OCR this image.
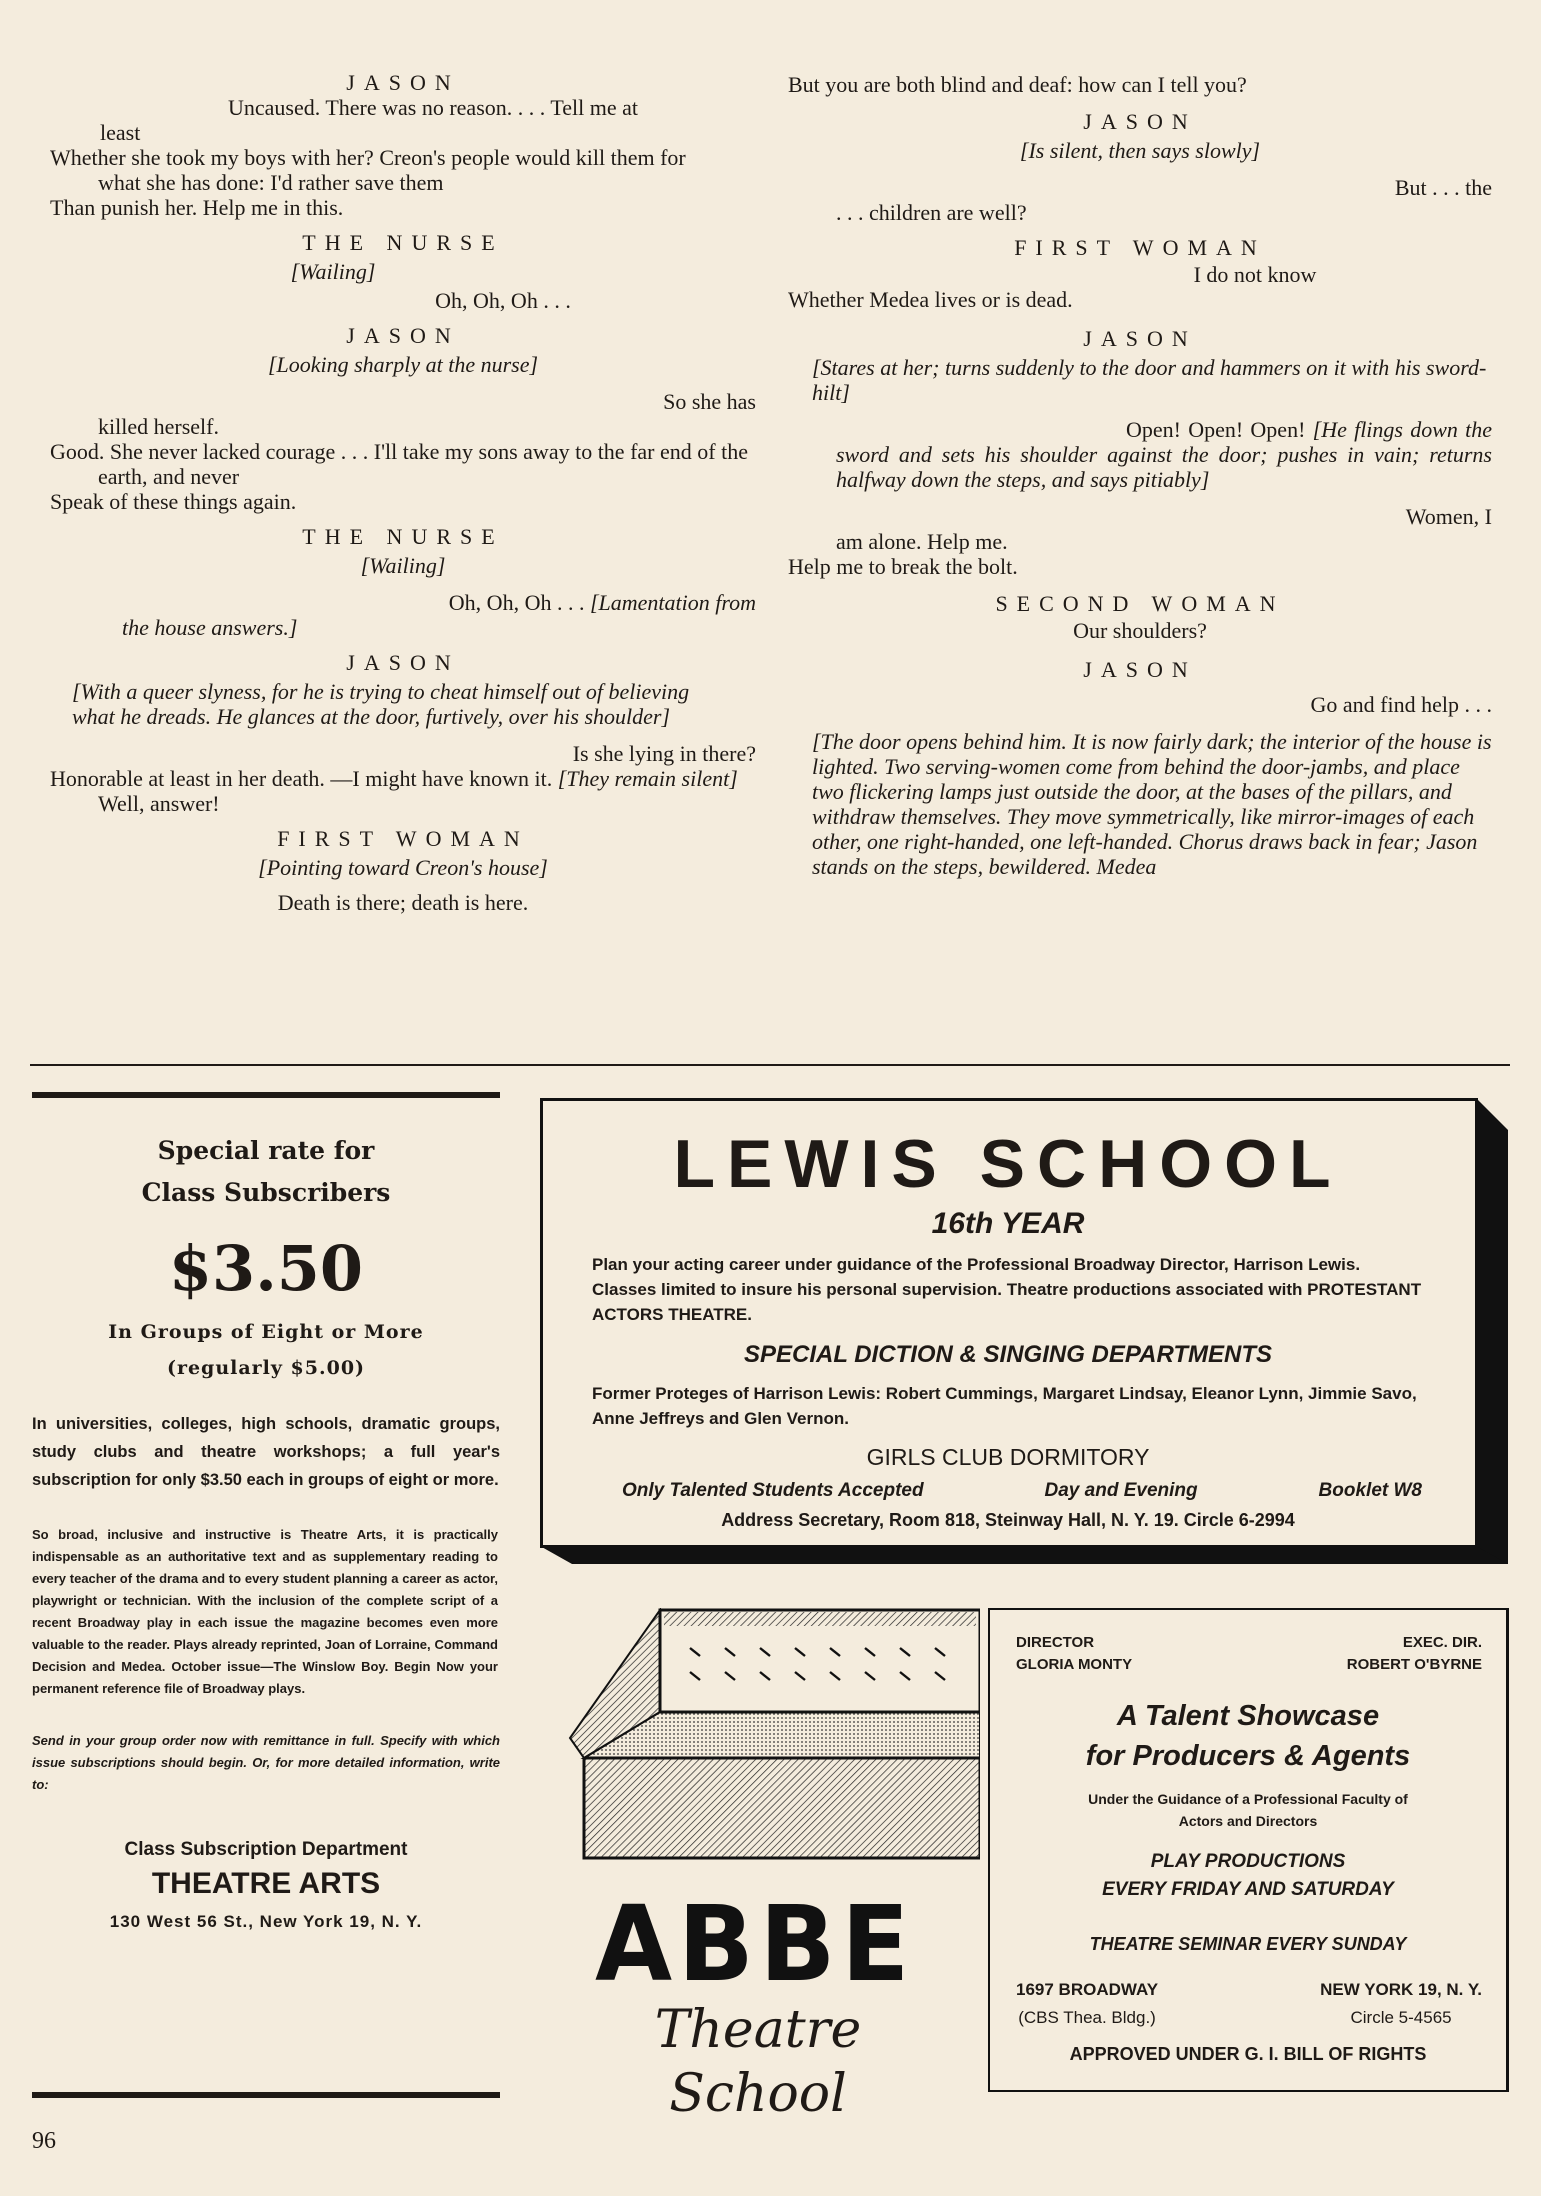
JASON

Uncaused. There was no reason. . . . Tell me at

least

Whether she took my boys with her? Creon's people would kill them for what she has done: I'd rather save them

Than punish her. Help me in this.

THE NURSE

[Wailing]

Oh, Oh, Oh . . .

JASON

[Looking sharply at the nurse]

So she has

killed herself.

Good. She never lacked courage . . . I'll take my sons away to the far end of the earth, and never

Speak of these things again.

THE NURSE

[Wailing]

Oh, Oh, Oh . . . [Lamentation from

the house answers.]

JASON

[With a queer slyness, for he is trying to cheat himself out of believing what he dreads. He glances at the door, furtively, over his shoulder]

Is she lying in there?

Honorable at least in her death. —I might have known it. [They remain silent] Well, answer!

FIRST WOMAN

[Pointing toward Creon's house]

Death is there; death is here.

But you are both blind and deaf: how can I tell you?

JASON

[Is silent, then says slowly]

But . . . the

. . . children are well?

FIRST WOMAN

I do not know

Whether Medea lives or is dead.

JASON

[Stares at her; turns suddenly to the door and hammers on it with his sword-hilt]

Open! Open! Open! [He flings down the sword and sets his shoulder against the door; pushes in vain; returns halfway down the steps, and says pitiably]

Women, I

am alone. Help me.

Help me to break the bolt.

SECOND WOMAN

Our shoulders?

JASON

Go and find help . . .

[The door opens behind him. It is now fairly dark; the interior of the house is lighted. Two serving-women come from behind the door-jambs, and place two flickering lamps just outside the door, at the bases of the pillars, and withdraw themselves. They move symmetrically, like mirror-images of each other, one right-handed, one left-handed. Chorus draws back in fear; Jason stands on the steps, bewildered. Medea

Special rate for
Class Subscribers
$3.50
In Groups of Eight or More
(regularly $5.00)
In universities, colleges, high schools, dramatic groups, study clubs and theatre workshops; a full year's subscription for only $3.50 each in groups of eight or more.
So broad, inclusive and instructive is Theatre Arts, it is practically indispensable as an authoritative text and as supplementary reading to every teacher of the drama and to every student planning a career as actor, playwright or technician. With the inclusion of the complete script of a recent Broadway play in each issue the magazine becomes even more valuable to the reader. Plays already reprinted, Joan of Lorraine, Command Decision and Medea. October issue—The Winslow Boy. Begin Now your permanent reference file of Broadway plays.
Send in your group order now with remittance in full. Specify with which issue subscriptions should begin. Or, for more detailed information, write to:
Class Subscription Department
THEATRE ARTS
130 West 56 St., New York 19, N. Y.
LEWIS SCHOOL
16th YEAR
Plan your acting career under guidance of the Professional Broadway Director, Harrison Lewis. Classes limited to insure his personal supervision. Theatre productions associated with PROTESTANT ACTORS THEATRE.
SPECIAL DICTION & SINGING DEPARTMENTS
Former Proteges of Harrison Lewis: Robert Cummings, Margaret Lindsay, Eleanor Lynn, Jimmie Savo, Anne Jeffreys and Glen Vernon.
GIRLS CLUB DORMITORY
Only Talented Students Accepted	Day and Evening	Booklet W8
Address Secretary, Room 818, Steinway Hall, N. Y. 19. Circle 6-2994
ABBE
Theatre School
DIRECTOR
GLORIA MONTY
EXEC. DIR.
ROBERT O'BYRNE
A Talent Showcase
for Producers & Agents
Under the Guidance of a Professional Faculty of Actors and Directors
PLAY PRODUCTIONS
EVERY FRIDAY AND SATURDAY
THEATRE SEMINAR EVERY SUNDAY
1697 BROADWAY
(CBS Thea. Bldg.)
NEW YORK 19, N. Y.
Circle 5-4565
APPROVED UNDER G. I. BILL OF RIGHTS
96
